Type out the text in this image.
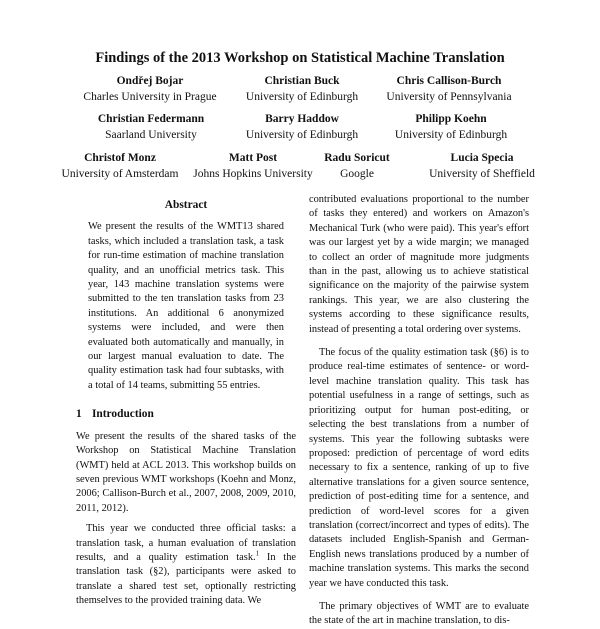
Findings of the 2013 Workshop on Statistical Machine Translation
Ondřej Bojar
Charles University in Prague
Christian Buck
University of Edinburgh
Chris Callison-Burch
University of Pennsylvania
Christian Federmann
Saarland University
Barry Haddow
University of Edinburgh
Philipp Koehn
University of Edinburgh
Christof Monz
University of Amsterdam
Matt Post
Johns Hopkins University
Radu Soricut
Google
Lucia Specia
University of Sheffield
Abstract

We present the results of the WMT13 shared tasks, which included a translation task, a task for run-time estimation of machine translation quality, and an unofficial metrics task. This year, 143 machine translation systems were submitted to the ten translation tasks from 23 institutions. An additional 6 anonymized systems were included, and were then evaluated both automatically and manually, in our largest manual evaluation to date. The quality estimation task had four subtasks, with a total of 14 teams, submitting 55 entries.

1 Introduction

We present the results of the shared tasks of the Workshop on Statistical Machine Translation (WMT) held at ACL 2013. This workshop builds on seven previous WMT workshops (Koehn and Monz, 2006; Callison-Burch et al., 2007, 2008, 2009, 2010, 2011, 2012).

This year we conducted three official tasks: a translation task, a human evaluation of translation results, and a quality estimation task.$^1$ In the translation task (§2), participants were asked to translate a shared test set, optionally restricting themselves to the provided training data. We

contributed evaluations proportional to the number of tasks they entered) and workers on Amazon's Mechanical Turk (who were paid). This year's effort was our largest yet by a wide margin; we managed to collect an order of magnitude more judgments than in the past, allowing us to achieve statistical significance on the majority of the pairwise system rankings. This year, we are also clustering the systems according to these significance results, instead of presenting a total ordering over systems.

The focus of the quality estimation task (§6) is to produce real-time estimates of sentence- or word-level machine translation quality. This task has potential usefulness in a range of settings, such as prioritizing output for human post-editing, or selecting the best translations from a number of systems. This year the following subtasks were proposed: prediction of percentage of word edits necessary to fix a sentence, ranking of up to five alternative translations for a given source sentence, prediction of post-editing time for a sentence, and prediction of word-level scores for a given translation (correct/incorrect and types of edits). The datasets included English-Spanish and German-English news translations produced by a number of machine translation systems. This marks the second year we have conducted this task.

The primary objectives of WMT are to evaluate the state of the art in machine translation, to dis-
